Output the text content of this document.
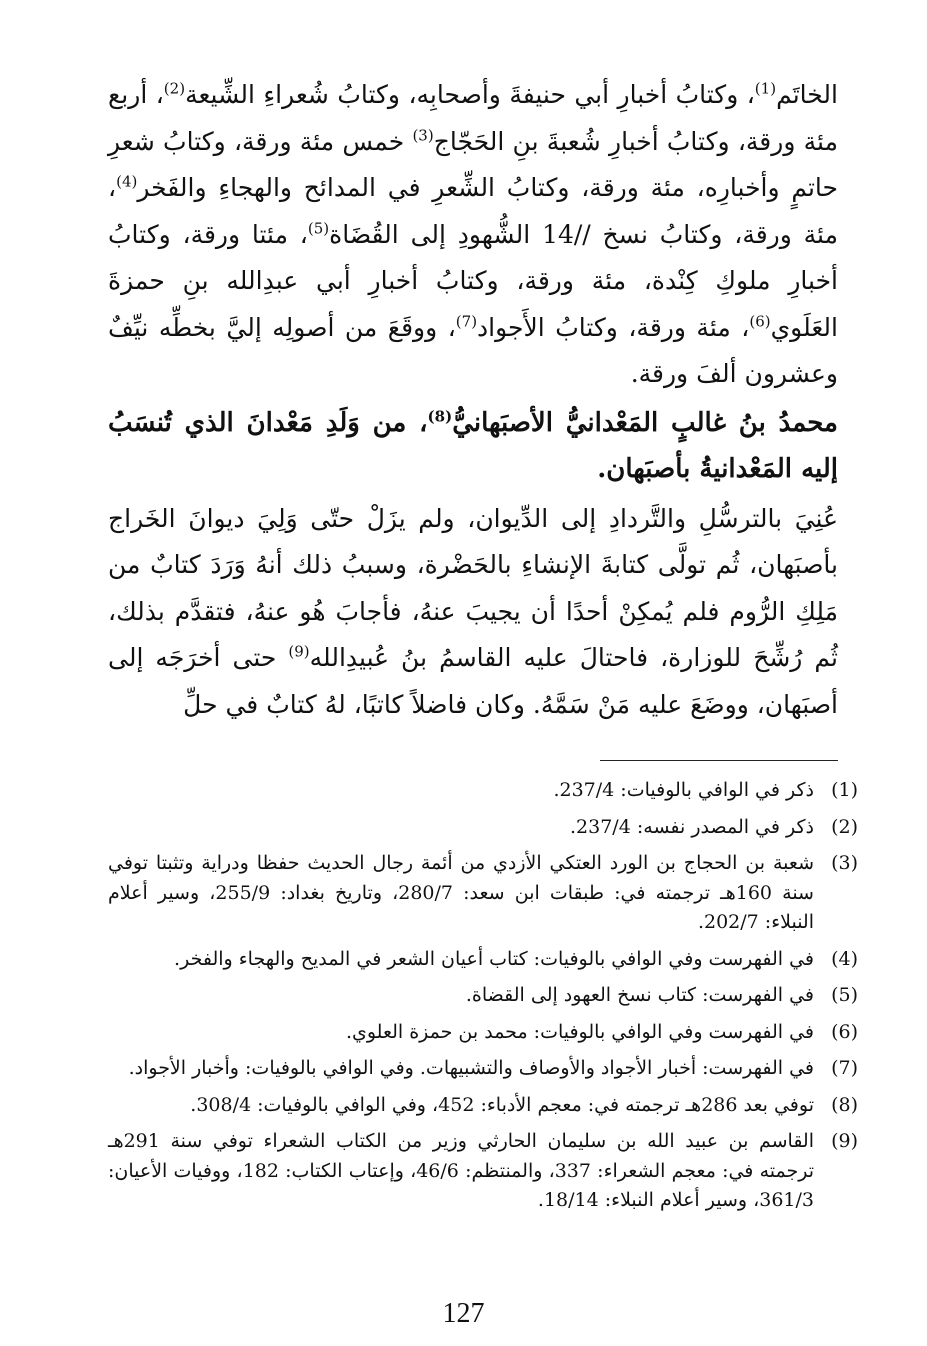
الخاتَم$^{(1)}$، وكتابُ أخبارِ أبي حنيفةَ وأصحابِه، وكتابُ شُعراءِ الشِّيعة$^{(2)}$، أربع مئة ورقة، وكتابُ أخبارِ شُعبةَ بنِ الحَجّاج$^{(3)}$ خمس مئة ورقة، وكتابُ شعرِ حاتمٍ وأخبارِه، مئة ورقة، وكتابُ الشِّعرِ في المدائح والهجاءِ والفَخر$^{(4)}$، مئة ورقة، وكتابُ نسخ //14 الشُّهودِ إلى القُضَاة$^{(5)}$، مئتا ورقة، وكتابُ أخبارِ ملوكِ كِنْدة، مئة ورقة، وكتابُ أخبارِ أبي عبدِالله بنِ حمزةَ العَلَوي$^{(6)}$، مئة ورقة، وكتابُ الأَجواد$^{(7)}$، ووقَعَ من أصولِه إليَّ بخطِّه نيِّفٌ وعشرون ألفَ ورقة.

محمدُ بنُ غالبٍ المَعْدانيُّ الأصبَهانيُّ$^{(8)}$، من وَلَدِ مَعْدانَ الذي تُنسَبُ إليه المَعْدانيةُ بأصبَهان.

عُنِيَ بالترسُّلِ والتَّردادِ إلى الدِّيوان، ولم يزَلْ حتّى وَلِيَ ديوانَ الخَراج بأصبَهان، ثُم تولَّى كتابةَ الإنشاءِ بالحَضْرة، وسببُ ذلك أنهُ وَرَدَ كتابٌ من مَلِكِ الرُّوم فلم يُمكِنْ أحدًا أن يجيبَ عنهُ، فأجابَ هُو عنهُ، فتقدَّم بذلك، ثُم رُشِّحَ للوزارة، فاحتالَ عليه القاسمُ بنُ عُبيدِالله$^{(9)}$ حتى أخرَجَه إلى أصبَهان، ووضَعَ عليه مَنْ سَمَّهُ. وكان فاضلاً كاتبًا، لهُ كتابٌ في حلِّ

(1)
ذكر في الوافي بالوفيات: 237/4.
(2)
ذكر في المصدر نفسه: 237/4.
(3)
شعبة بن الحجاج بن الورد العتكي الأزدي من أئمة رجال الحديث حفظا ودراية وتثبتا توفي سنة 160هـ ترجمته في: طبقات ابن سعد: 280/7، وتاريخ بغداد: 255/9، وسير أعلام النبلاء: 202/7.
(4)
في الفهرست وفي الوافي بالوفيات: كتاب أعيان الشعر في المديح والهجاء والفخر.
(5)
في الفهرست: كتاب نسخ العهود إلى القضاة.
(6)
في الفهرست وفي الوافي بالوفيات: محمد بن حمزة العلوي.
(7)
في الفهرست: أخبار الأجواد والأوصاف والتشبيهات. وفي الوافي بالوفيات: وأخبار الأجواد.
(8)
توفي بعد 286هـ ترجمته في: معجم الأدباء: 452، وفي الوافي بالوفيات: 308/4.
(9)
القاسم بن عبيد الله بن سليمان الحارثي وزير من الكتاب الشعراء توفي سنة 291هـ ترجمته في: معجم الشعراء: 337، والمنتظم: 46/6، وإعتاب الكتاب: 182، ووفيات الأعيان: 361/3، وسير أعلام النبلاء: 18/14.
127
